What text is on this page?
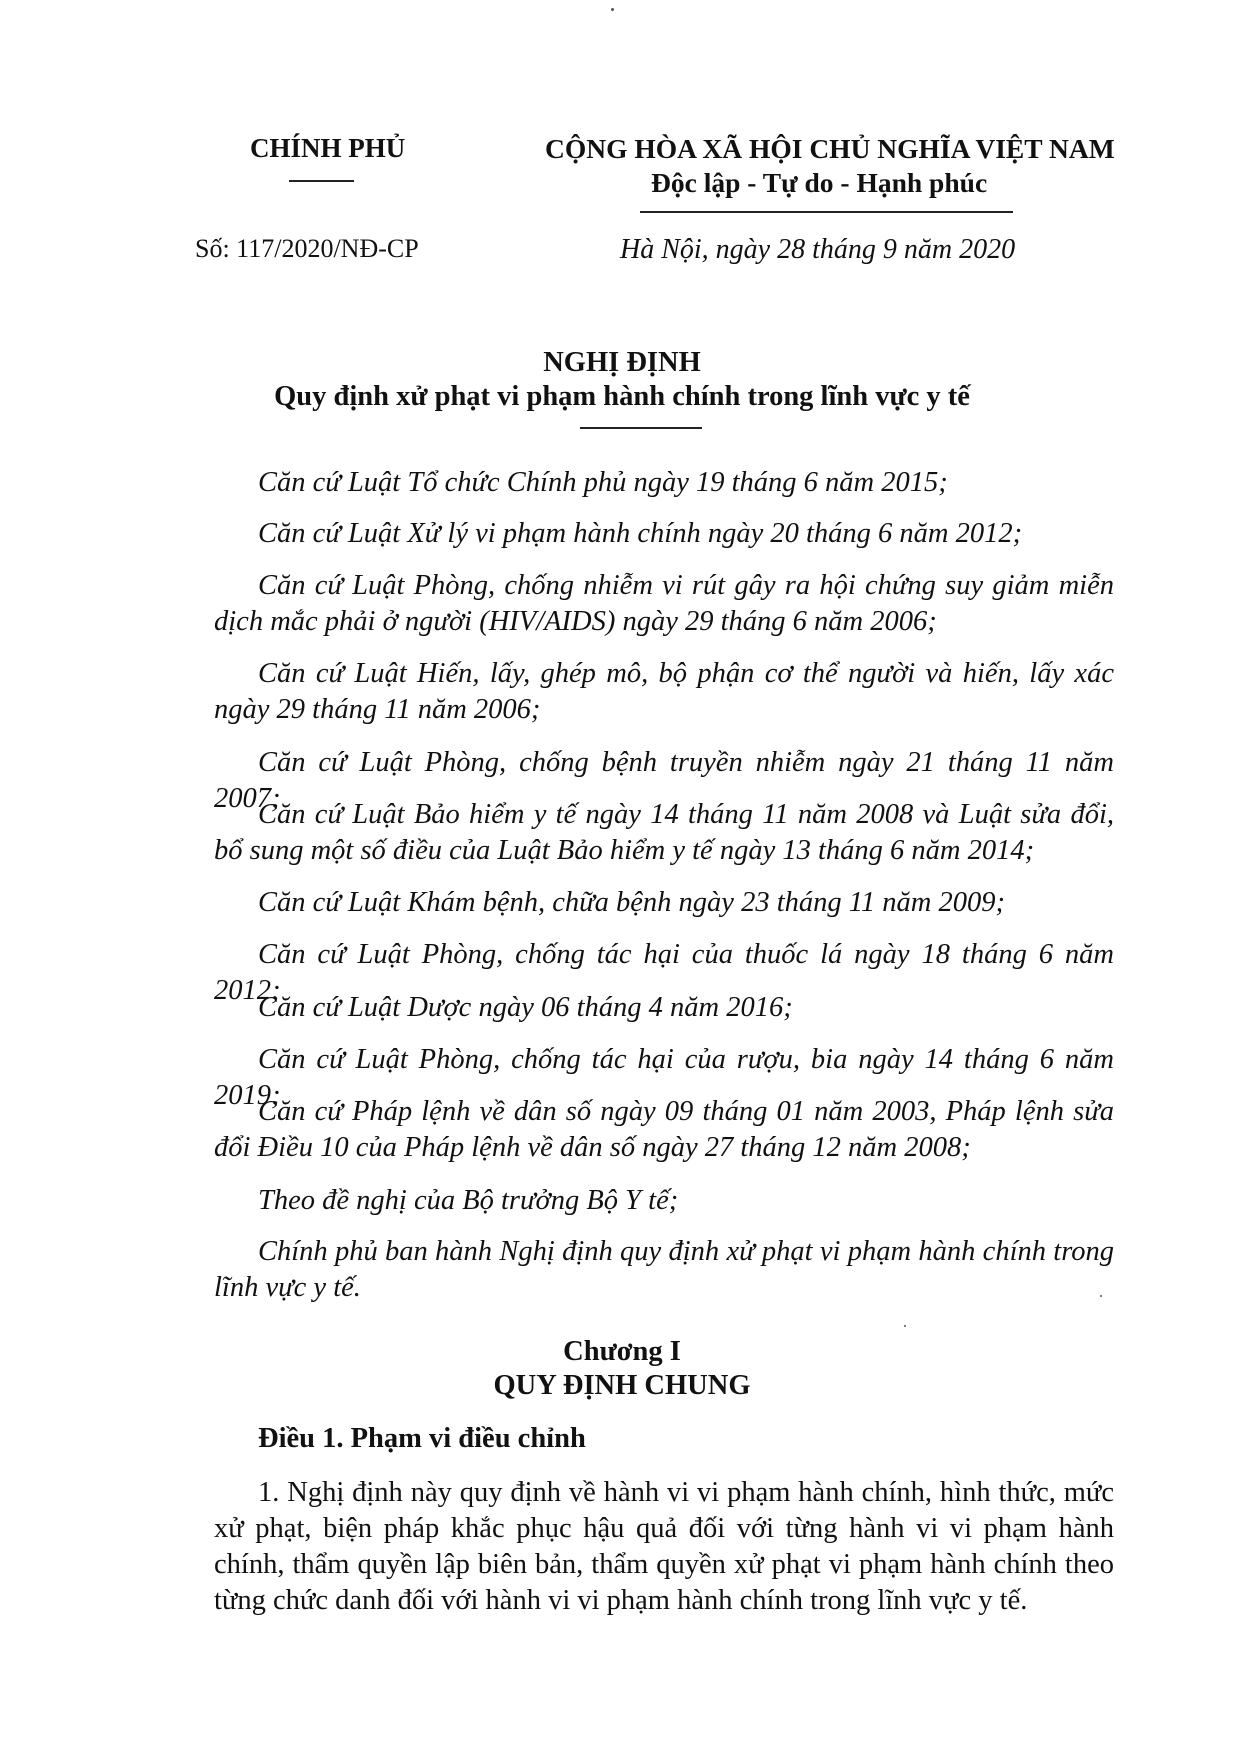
CHÍNH PHỦ
Số: 117/2020/NĐ-CP
CỘNG HÒA XÃ HỘI CHỦ NGHĨA VIỆT NAM
Độc lập - Tự do - Hạnh phúc
Hà Nội, ngày 28 tháng 9 năm 2020
NGHỊ ĐỊNH
Quy định xử phạt vi phạm hành chính trong lĩnh vực y tế
Căn cứ Luật Tổ chức Chính phủ ngày 19 tháng 6 năm 2015;
Căn cứ Luật Xử lý vi phạm hành chính ngày 20 tháng 6 năm 2012;
Căn cứ Luật Phòng, chống nhiễm vi rút gây ra hội chứng suy giảm miễn dịch mắc phải ở người (HIV/AIDS) ngày 29 tháng 6 năm 2006;
Căn cứ Luật Hiến, lấy, ghép mô, bộ phận cơ thể người và hiến, lấy xác ngày 29 tháng 11 năm 2006;
Căn cứ Luật Phòng, chống bệnh truyền nhiễm ngày 21 tháng 11 năm 2007;
Căn cứ Luật Bảo hiểm y tế ngày 14 tháng 11 năm 2008 và Luật sửa đổi, bổ sung một số điều của Luật Bảo hiểm y tế ngày 13 tháng 6 năm 2014;
Căn cứ Luật Khám bệnh, chữa bệnh ngày 23 tháng 11 năm 2009;
Căn cứ Luật Phòng, chống tác hại của thuốc lá ngày 18 tháng 6 năm 2012;
Căn cứ Luật Dược ngày 06 tháng 4 năm 2016;
Căn cứ Luật Phòng, chống tác hại của rượu, bia ngày 14 tháng 6 năm 2019;
Căn cứ Pháp lệnh về dân số ngày 09 tháng 01 năm 2003, Pháp lệnh sửa đổi Điều 10 của Pháp lệnh về dân số ngày 27 tháng 12 năm 2008;
Theo đề nghị của Bộ trưởng Bộ Y tế;
Chính phủ ban hành Nghị định quy định xử phạt vi phạm hành chính trong lĩnh vực y tế.
Chương I
QUY ĐỊNH CHUNG
Điều 1. Phạm vi điều chỉnh
1. Nghị định này quy định về hành vi vi phạm hành chính, hình thức, mức xử phạt, biện pháp khắc phục hậu quả đối với từng hành vi vi phạm hành chính, thẩm quyền lập biên bản, thẩm quyền xử phạt vi phạm hành chính theo từng chức danh đối với hành vi vi phạm hành chính trong lĩnh vực y tế.
